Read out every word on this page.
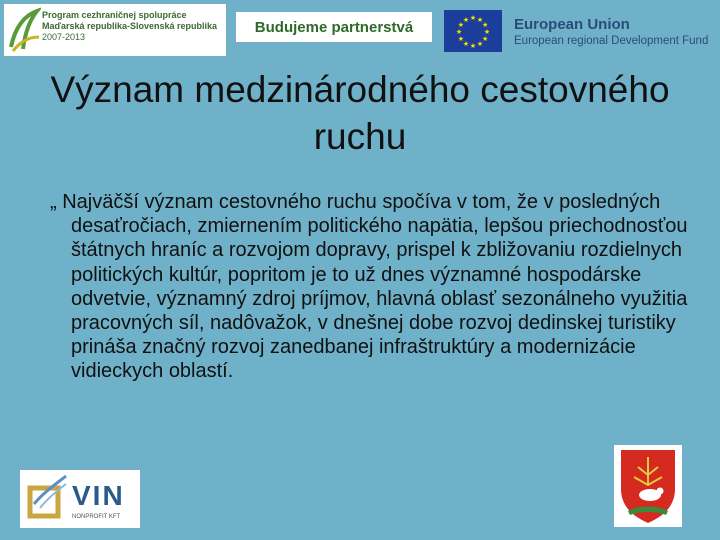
Program cezhraničnej spolupráce
Maďarská republika-Slovenská republika
2007-2013
Budujeme partnerstvá	★
★
★
★
★
★
★
★
★ ★ ★
★ European Union
European regional Development Fund
Význam medzinárodného cestovného ruchu

„ Najväčší význam cestovného ruchu spočíva v tom, že v posledných desaťročiach, zmiernením politického napätia, lepšou priechodnosťou štátnych hraníc a rozvojom dopravy, prispel k zbližovaniu rozdielnych politických kultúr, popritom je to už dnes významné hospodárske odvetvie, významný zdroj príjmov, hlavná oblasť sezonálneho využitia pracovných síl, nadôvažok, v dnešnej dobe rozvoj dedinskej turistiky prináša značný rozvoj zanedbanej infraštruktúry a modernizácie vidieckych oblastí.

VIN
NONPROFIT KFT
